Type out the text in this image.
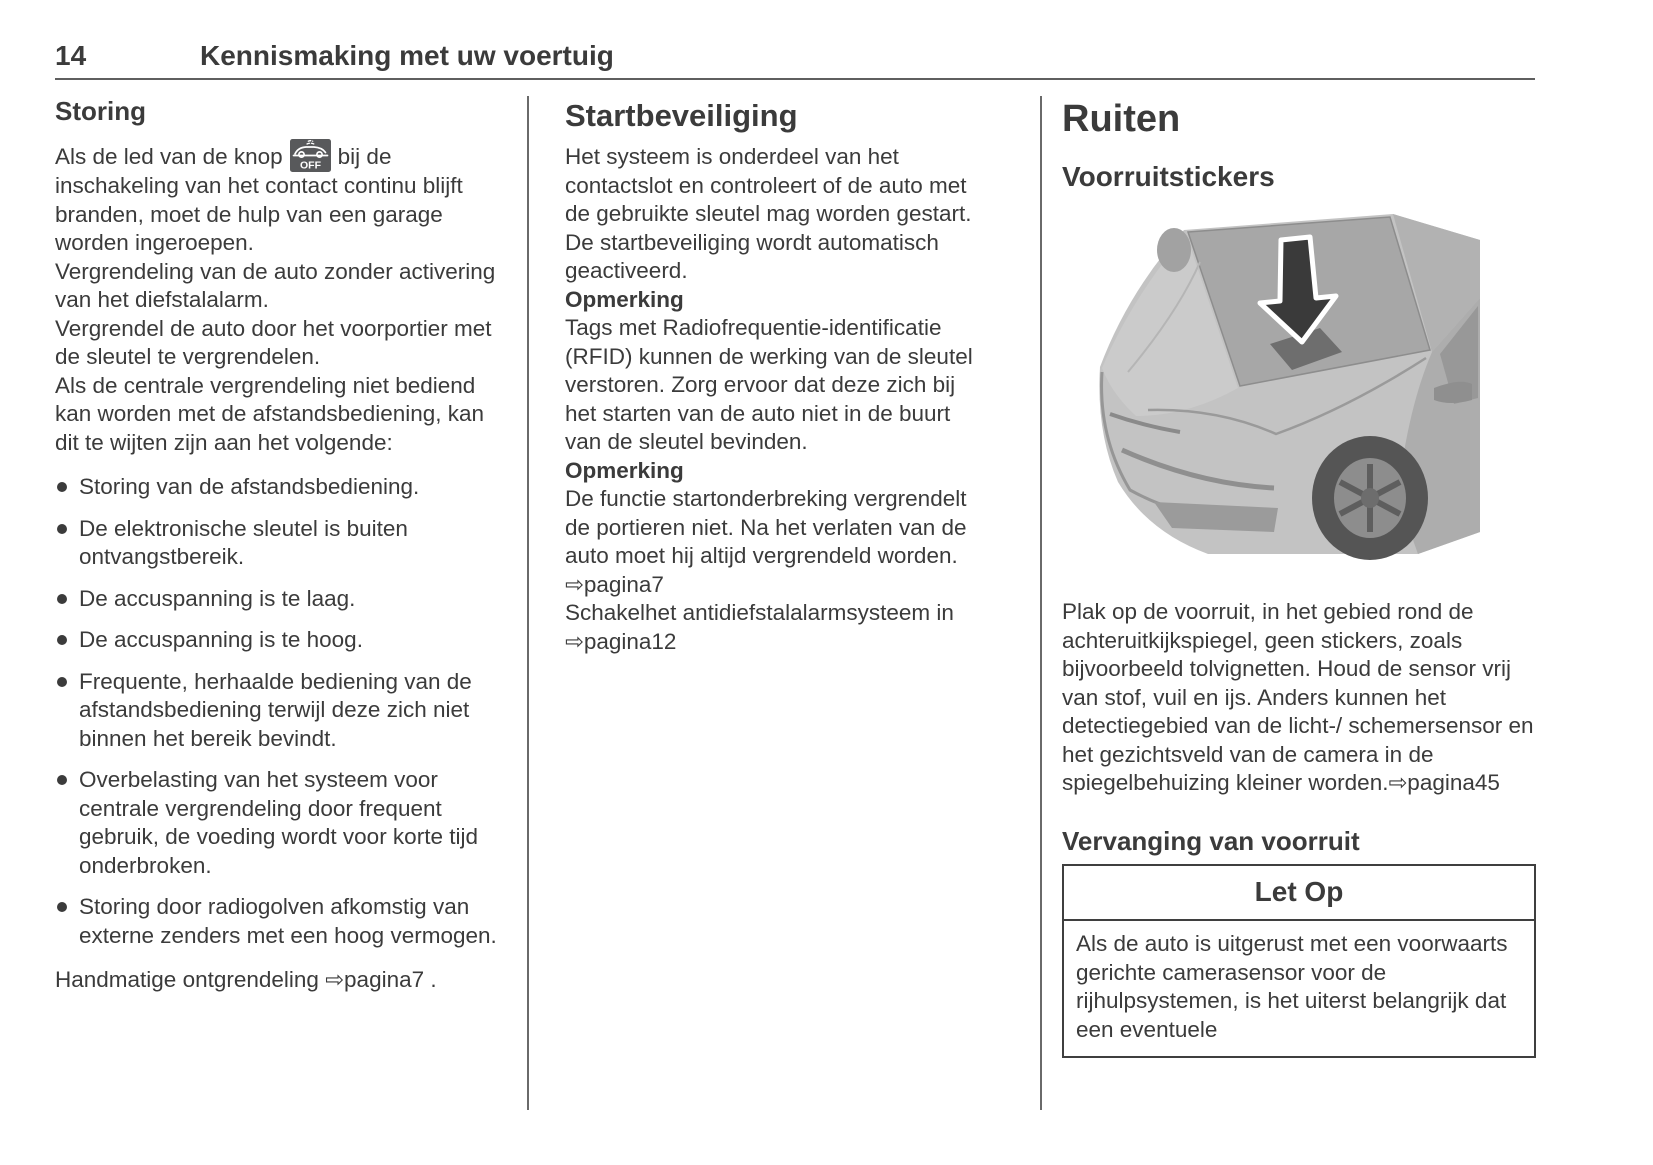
14	Kennismaking met uw voertuig
Storing

Als de led van de knop OFF bij de inschakeling van het contact continu blijft branden, moet de hulp van een garage worden ingeroepen.

Vergrendeling van de auto zonder activering van het diefstalalarm.

Vergrendel de auto door het voorportier met de sleutel te vergrendelen.

Als de centrale vergrendeling niet bediend kan worden met de afstandsbediening, kan dit te wijten zijn aan het volgende:

Storing van de afstandsbediening.
De elektronische sleutel is buiten ontvangstbereik.
De accuspanning is te laag.
De accuspanning is te hoog.
Frequente, herhaalde bediening van de afstandsbediening terwijl deze zich niet binnen het bereik bevindt.
Overbelasting van het systeem voor centrale vergrendeling door frequent gebruik, de voeding wordt voor korte tijd onderbroken.
Storing door radiogolven afkomstig van externe zenders met een hoog vermogen.

Handmatige ontgrendeling ⇨pagina7 .

Startbeveiliging

Het systeem is onderdeel van het contactslot en controleert of de auto met de gebruikte sleutel mag worden gestart. De startbeveiliging wordt automatisch geactiveerd.

Opmerking

Tags met Radiofrequentie-identificatie (RFID) kunnen de werking van de sleutel verstoren. Zorg ervoor dat deze zich bij het starten van de auto niet in de buurt van de sleutel bevinden.

Opmerking

De functie startonderbreking vergrendelt de portieren niet. Na het verlaten van de auto moet hij altijd vergrendeld worden.

⇨pagina7

Schakelhet antidiefstalalarmsysteem in

⇨pagina12

Ruiten
Voorruitstickers

Plak op de voorruit, in het gebied rond de achteruitkijkspiegel, geen stickers, zoals bijvoorbeeld tolvignetten. Houd de sensor vrij van stof, vuil en ijs. Anders kunnen het detectiegebied van de licht-/ schemersensor en het gezichtsveld van de camera in de spiegelbehuizing kleiner worden.⇨pagina45

Vervanging van voorruit
Let Op
Als de auto is uitgerust met een voorwaarts gerichte camerasensor voor de rijhulpsystemen, is het uiterst belangrijk dat een eventuele
